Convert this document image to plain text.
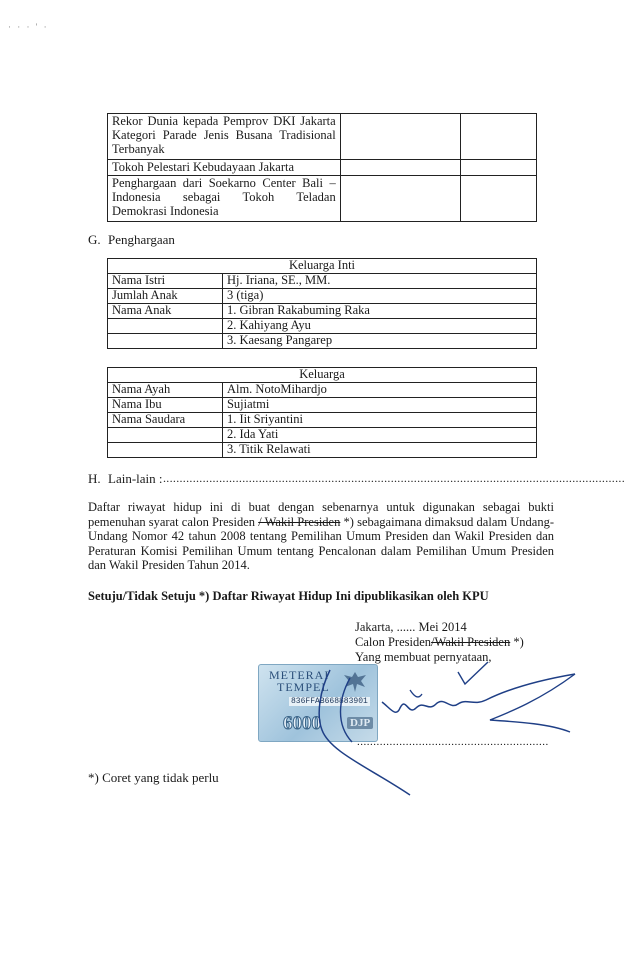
· · · ' ·
Rekor Dunia kepada Pemprov DKI Jakarta Kategori Parade Jenis Busana Tradisional Terbanyak		
Tokoh Pelestari Kebudayaan Jakarta		
Penghargaan dari Soekarno Center Bali – Indonesia sebagai Tokoh Teladan Demokrasi Indonesia		
G. Penghargaan
Keluarga Inti	
Nama Istri	Hj. Iriana, SE., MM.
Jumlah Anak	3 (tiga)
Nama Anak	1. Gibran Rakabuming Raka
	2. Kahiyang Ayu
	3. Kaesang Pangarep
Keluarga	
Nama Ayah	Alm. NotoMihardjo
Nama Ibu	Sujiatmi
Nama Saudara	1. Iit Sriyantini
	2. Ida Yati
	3. Titik Relawati
H. Lain-lain : ............................................................................................................................................
Daftar riwayat hidup ini di buat dengan sebenarnya untuk digunakan sebagai bukti pemenuhan syarat calon Presiden / Wakil Presiden *) sebagaimana dimaksud dalam Undang-Undang Nomor 42 tahun 2008 tentang Pemilihan Umum Presiden dan Wakil Presiden dan Peraturan Komisi Pemilihan Umum tentang Pencalonan dalam Pemilihan Umum Presiden dan Wakil Presiden Tahun 2014.
Setuju/Tidak Setuju *) Daftar Riwayat Hidup Ini dipublikasikan oleh KPU
Jakarta, ...... Mei 2014
Calon Presiden/Wakil Presiden *)
Yang membuat pernyataan,
METERAI
TEMPEL
836FFAB668883901
6000	DJP
...........................................................
*) Coret yang tidak perlu
